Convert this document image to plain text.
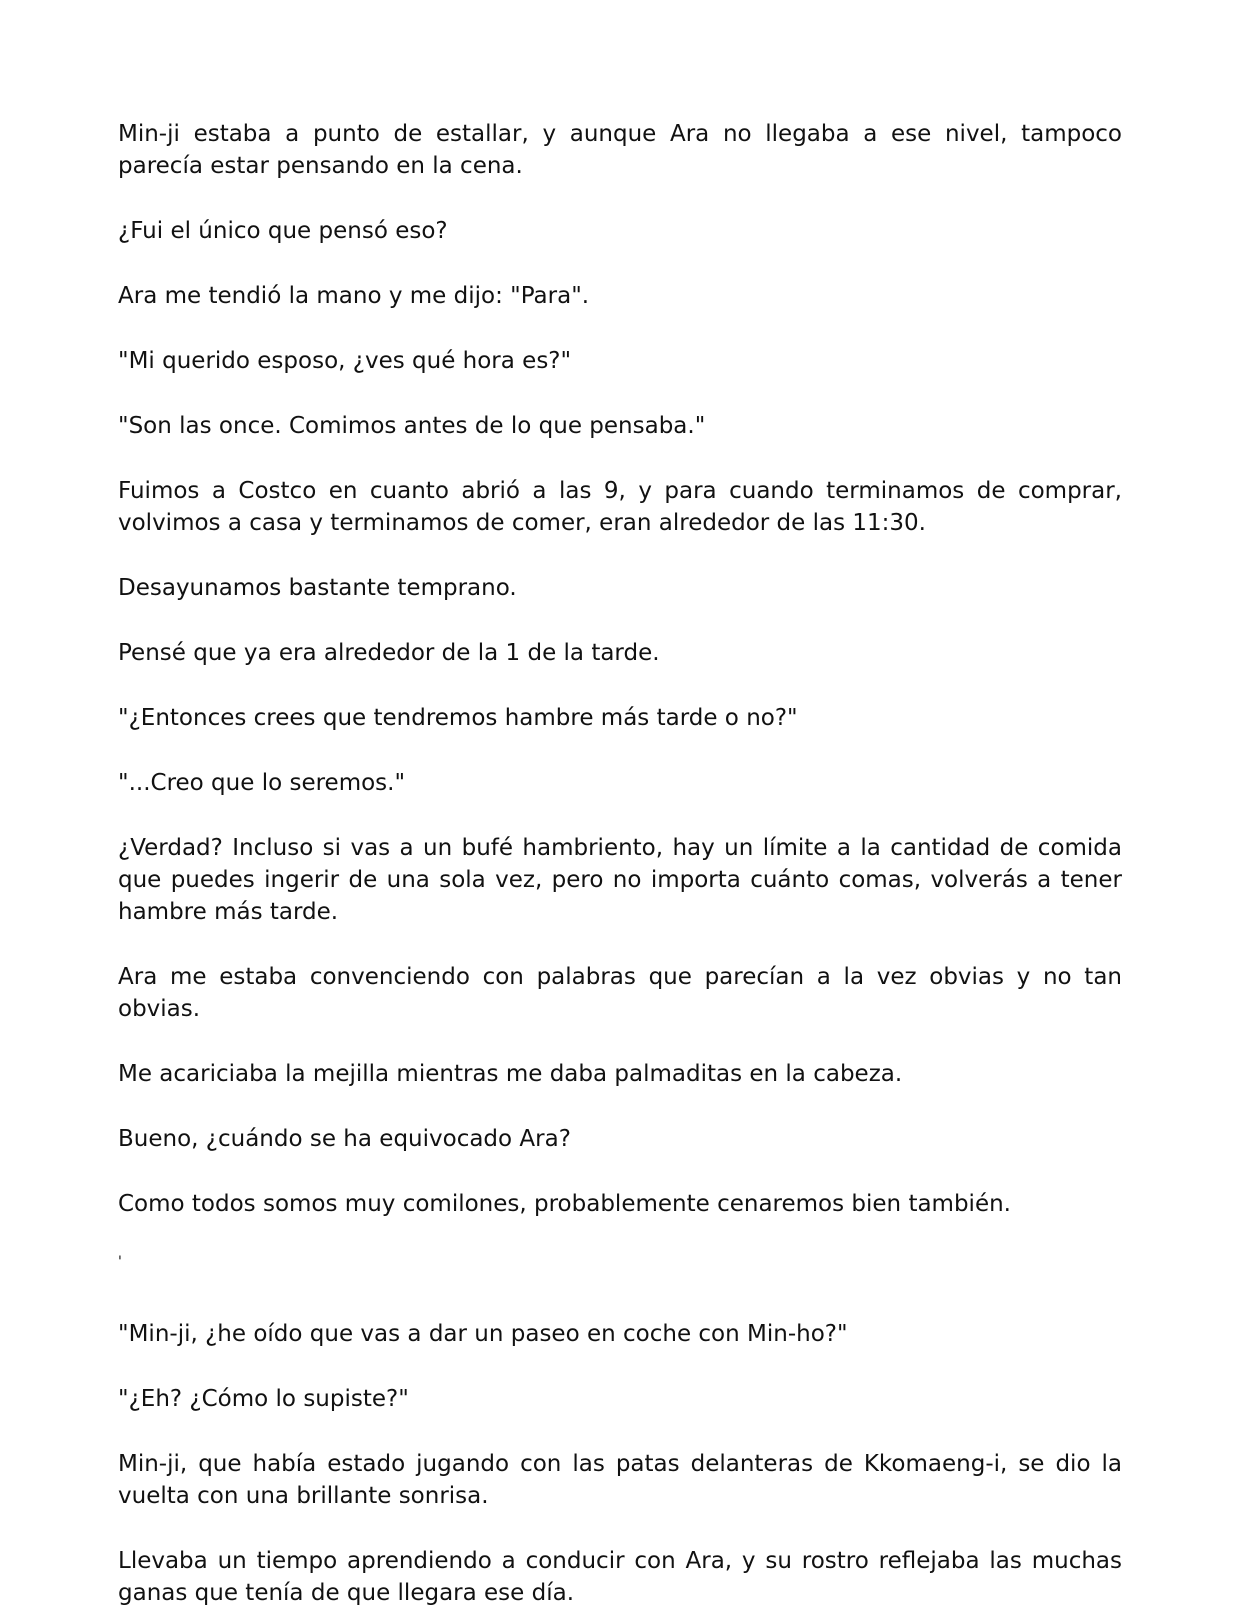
Min-ji estaba a punto de estallar, y aunque Ara no llegaba a ese nivel, tampoco parecía estar pensando en la cena.

¿Fui el único que pensó eso?

Ara me tendió la mano y me dijo: "Para".

"Mi querido esposo, ¿ves qué hora es?"

"Son las once. Comimos antes de lo que pensaba."

Fuimos a Costco en cuanto abrió a las 9, y para cuando terminamos de comprar, volvimos a casa y terminamos de comer, eran alrededor de las 11:30.

Desayunamos bastante temprano.

Pensé que ya era alrededor de la 1 de la tarde.

"¿Entonces crees que tendremos hambre más tarde o no?"

"...Creo que lo seremos."

¿Verdad? Incluso si vas a un bufé hambriento, hay un límite a la cantidad de comida que puedes ingerir de una sola vez, pero no importa cuánto comas, volverás a tener hambre más tarde.

Ara me estaba convenciendo con palabras que parecían a la vez obvias y no tan obvias.

Me acariciaba la mejilla mientras me daba palmaditas en la cabeza.

Bueno, ¿cuándo se ha equivocado Ara?

Como todos somos muy comilones, probablemente cenaremos bien también.

'

"Min-ji, ¿he oído que vas a dar un paseo en coche con Min-ho?"

"¿Eh? ¿Cómo lo supiste?"

Min-ji, que había estado jugando con las patas delanteras de Kkomaeng-i, se dio la vuelta con una brillante sonrisa.

Llevaba un tiempo aprendiendo a conducir con Ara, y su rostro reflejaba las muchas ganas que tenía de que llegara ese día.
